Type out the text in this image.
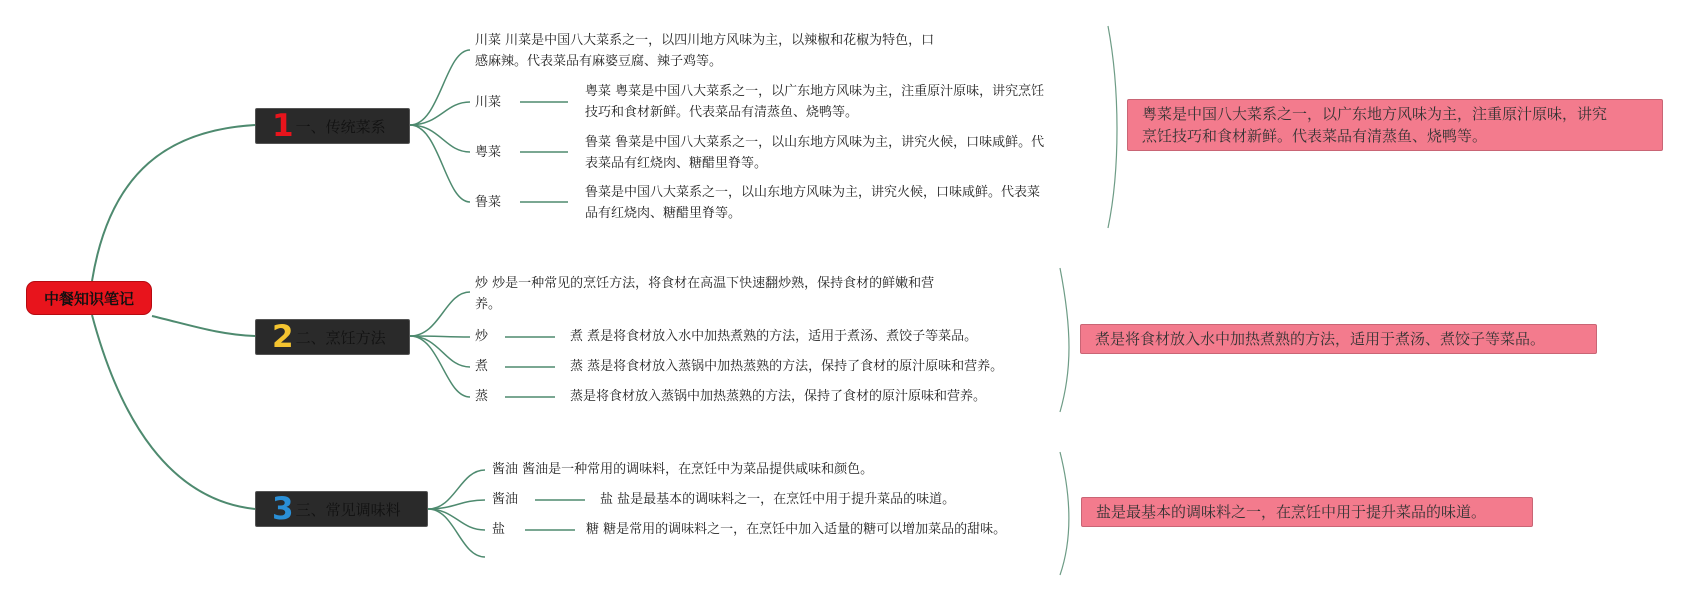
中餐知识笔记
1 一、传统菜系
川菜 川菜是中国八大菜系之一，以四川地方风味为主，以辣椒和花椒为特色，口
感麻辣。代表菜品有麻婆豆腐、辣子鸡等。
川菜
粤菜 粤菜是中国八大菜系之一，以广东地方风味为主，注重原汁原味，讲究烹饪
技巧和食材新鲜。代表菜品有清蒸鱼、烧鸭等。
粤菜
鲁菜 鲁菜是中国八大菜系之一，以山东地方风味为主，讲究火候，口味咸鲜。代
表菜品有红烧肉、糖醋里脊等。
鲁菜
鲁菜是中国八大菜系之一，以山东地方风味为主，讲究火候，口味咸鲜。代表菜
品有红烧肉、糖醋里脊等。
粤菜是中国八大菜系之一，以广东地方风味为主，注重原汁原味，讲究
烹饪技巧和食材新鲜。代表菜品有清蒸鱼、烧鸭等。
2 二、烹饪方法
炒 炒是一种常见的烹饪方法，将食材在高温下快速翻炒熟，保持食材的鲜嫩和营
养。
炒	煮 煮是将食材放入水中加热煮熟的方法，适用于煮汤、煮饺子等菜品。
煮	蒸 蒸是将食材放入蒸锅中加热蒸熟的方法，保持了食材的原汁原味和营养。
蒸	蒸是将食材放入蒸锅中加热蒸熟的方法，保持了食材的原汁原味和营养。
煮是将食材放入水中加热煮熟的方法，适用于煮汤、煮饺子等菜品。
3 三、常见调味料
酱油 酱油是一种常用的调味料，在烹饪中为菜品提供咸味和颜色。
酱油	盐 盐是最基本的调味料之一，在烹饪中用于提升菜品的味道。
盐	糖 糖是常用的调味料之一，在烹饪中加入适量的糖可以增加菜品的甜味。
盐是最基本的调味料之一，在烹饪中用于提升菜品的味道。
